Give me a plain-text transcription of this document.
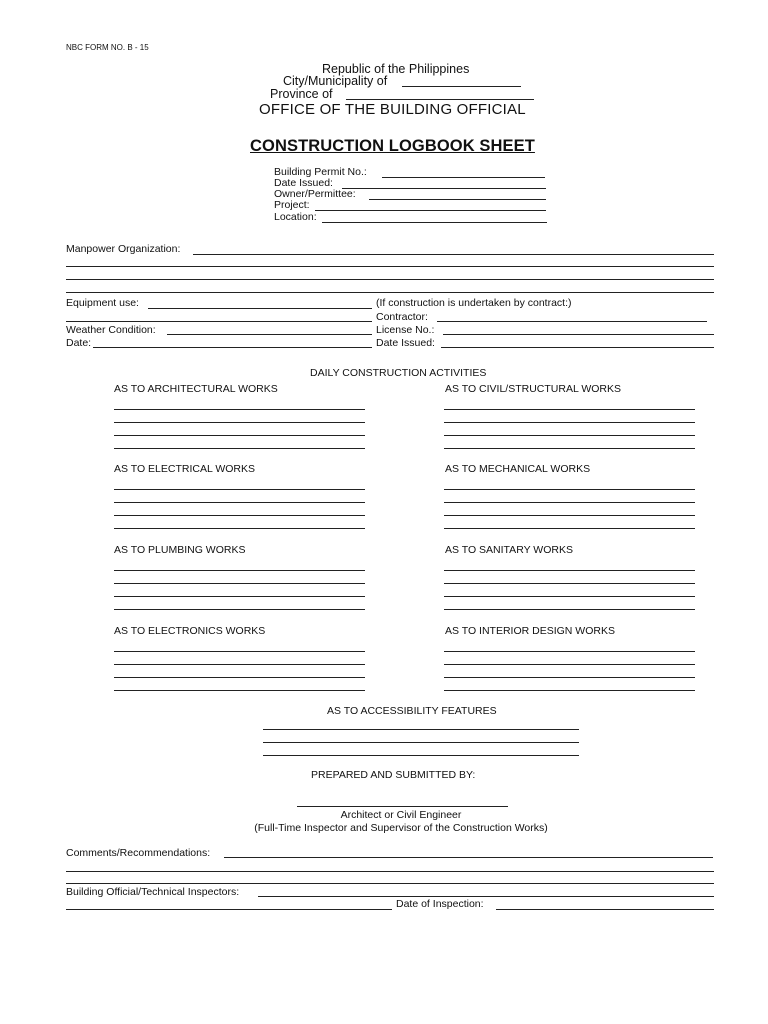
NBC FORM NO. B - 15
Republic of the Philippines
City/Municipality of
Province of
OFFICE OF THE BUILDING OFFICIAL
CONSTRUCTION LOGBOOK SHEET
Building Permit No.:
Date Issued:
Owner/Permittee:
Project:
Location:
Manpower Organization:
Equipment use:	(If construction is undertaken by contract:)
Contractor:
Weather Condition:	License No.:
Date:	Date Issued:
DAILY CONSTRUCTION ACTIVITIES
AS TO ARCHITECTURAL WORKS	AS TO CIVIL/STRUCTURAL WORKS
AS TO ELECTRICAL WORKS	AS TO MECHANICAL WORKS
AS TO PLUMBING WORKS	AS TO SANITARY WORKS
AS TO ELECTRONICS WORKS	AS TO INTERIOR DESIGN WORKS
AS TO ACCESSIBILITY FEATURES
PREPARED AND SUBMITTED BY:
Architect or Civil Engineer
(Full-Time Inspector and Supervisor of the Construction Works)
Comments/Recommendations:
Building Official/Technical Inspectors:
Date of Inspection:
